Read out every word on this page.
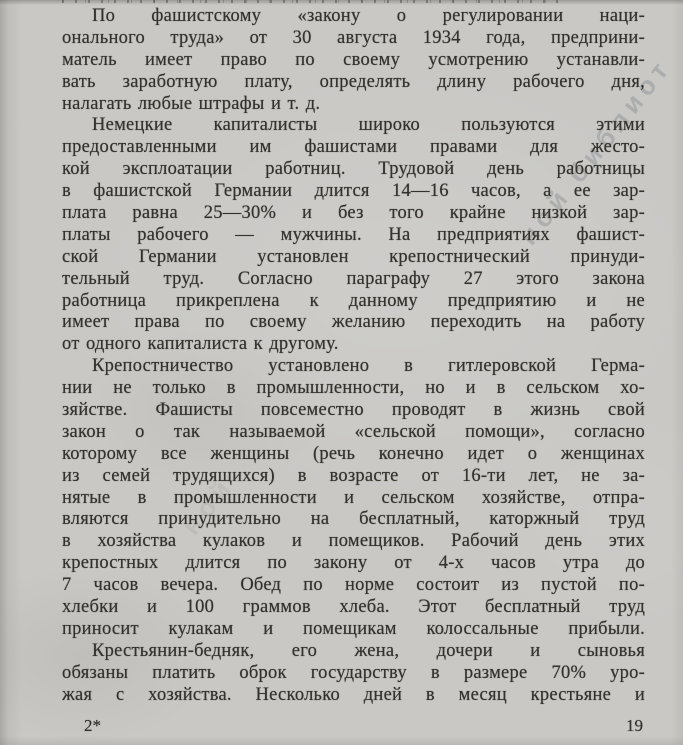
ной
ной библиот
По фашистскому «закону о регулировании наци-
онального труда» от 30 августа 1934 года, предприни-
матель имеет право по своему усмотрению устанавли-
вать заработную плату, определять длину рабочего дня,
налагать любые штрафы и т. д.
Немецкие капиталисты широко пользуются этими
предоставленными им фашистами правами для жесто-
кой эксплоатации работниц. Трудовой день работницы
в фашистской Германии длится 14—16 часов, а ее зар-
плата равна 25—30% и без того крайне низкой зар-
платы рабочего — мужчины. На предприятиях фашист-
ской Германии установлен крепостнический принуди-
тельный труд. Согласно параграфу 27 этого закона
работница прикреплена к данному предприятию и не
имеет права по своему желанию переходить на работу
от одного капиталиста к другому.
Крепостничество установлено в гитлеровской Герма-
нии не только в промышленности, но и в сельском хо-
зяйстве. Фашисты повсеместно проводят в жизнь свой
закон о так называемой «сельской помощи», согласно
которому все женщины (речь конечно идет о женщинах
из семей трудящихся) в возрасте от 16-ти лет, не за-
нятые в промышленности и сельском хозяйстве, отпра-
вляются принудительно на бесплатный, каторжный труд
в хозяйства кулаков и помещиков. Рабочий день этих
крепостных длится по закону от 4-х часов утра до
7 часов вечера. Обед по норме состоит из пустой по-
хлебки и 100 граммов хлеба. Этот бесплатный труд
приносит кулакам и помещикам колоссальные прибыли.
Крестьянин-бедняк, его жена, дочери и сыновья
обязаны платить оброк государству в размере 70% уро-
жая с хозяйства. Несколько дней в месяц крестьяне и
2*	19
